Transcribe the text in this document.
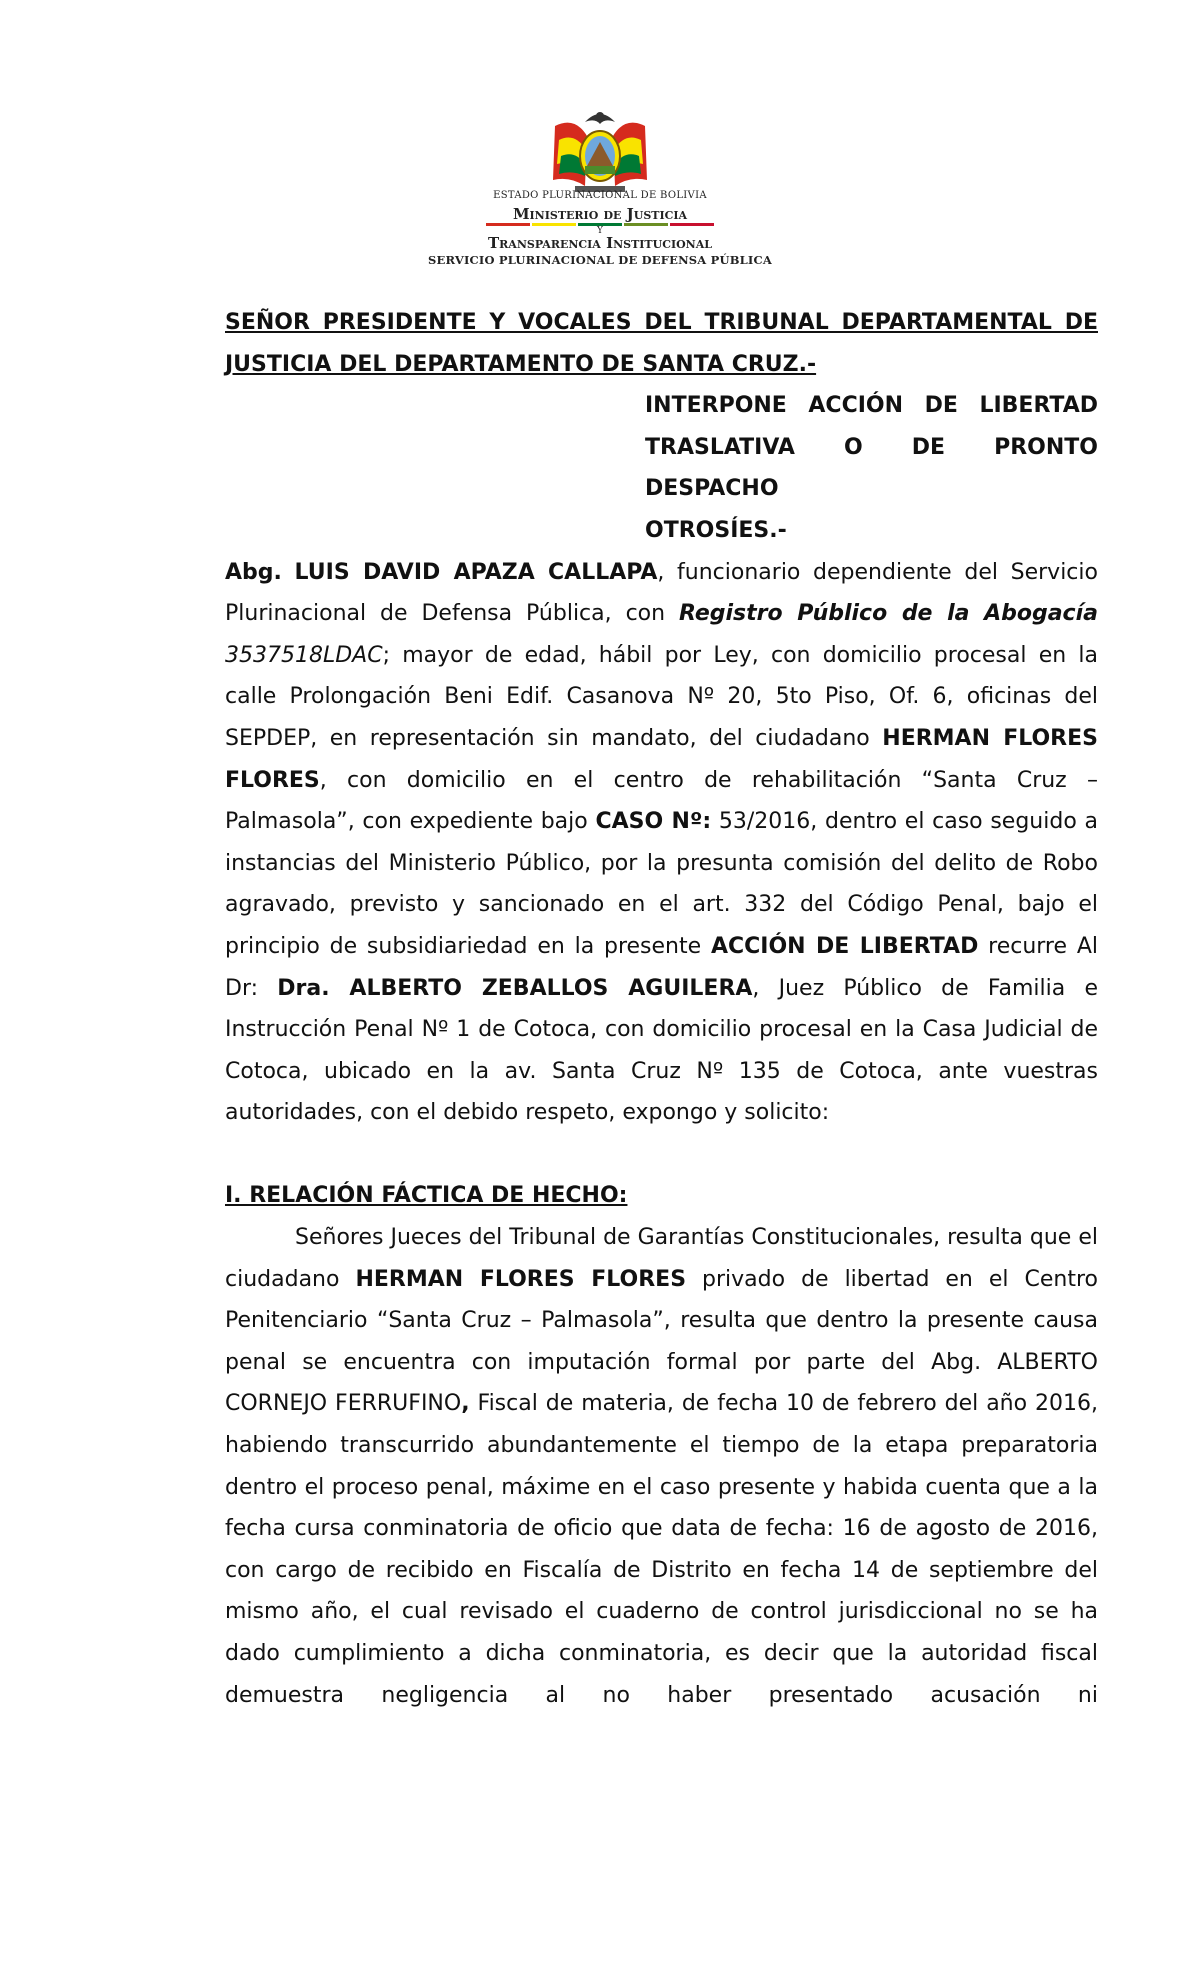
ESTADO PLURINACIONAL DE BOLIVIA
Ministerio de Justicia
Y
Transparencia Institucional
SERVICIO PLURINACIONAL DE DEFENSA PÚBLICA

SEÑOR PRESIDENTE Y VOCALES DEL TRIBUNAL DEPARTAMENTAL DE JUSTICIA DEL DEPARTAMENTO DE SANTA CRUZ.-

INTERPONE ACCIÓN DE LIBERTAD TRASLATIVA O DE PRONTO DESPACHO

OTROSÍES.-

Abg. LUIS DAVID APAZA CALLAPA, funcionario dependiente del Servicio Plurinacional de Defensa Pública, con Registro Público de la Abogacía 3537518LDAC; mayor de edad, hábil por Ley, con domicilio procesal en la calle Prolongación Beni Edif. Casanova Nº 20, 5to Piso, Of. 6, oficinas del SEPDEP, en representación sin mandato, del ciudadano HERMAN FLORES FLORES, con domicilio en el centro de rehabilitación “Santa Cruz – Palmasola”, con expediente bajo CASO Nº: 53/2016, dentro el caso seguido a instancias del Ministerio Público, por la presunta comisión del delito de Robo agravado, previsto y sancionado en el art. 332 del Código Penal, bajo el principio de subsidiariedad en la presente ACCIÓN DE LIBERTAD recurre Al Dr: Dra. ALBERTO ZEBALLOS AGUILERA, Juez Público de Familia e Instrucción Penal Nº 1 de Cotoca, con domicilio procesal en la Casa Judicial de Cotoca, ubicado en la av. Santa Cruz Nº 135 de Cotoca, ante vuestras autoridades, con el debido respeto, expongo y solicito:

I. RELACIÓN FÁCTICA DE HECHO:

Señores Jueces del Tribunal de Garantías Constitucionales, resulta que el ciudadano HERMAN FLORES FLORES privado de libertad en el Centro Penitenciario “Santa Cruz – Palmasola”, resulta que dentro la presente causa penal se encuentra con imputación formal por parte del Abg. ALBERTO CORNEJO FERRUFINO, Fiscal de materia, de fecha 10 de febrero del año 2016, habiendo transcurrido abundantemente el tiempo de la etapa preparatoria dentro el proceso penal, máxime en el caso presente y habida cuenta que a la fecha cursa conminatoria de oficio que data de fecha: 16 de agosto de 2016, con cargo de recibido en Fiscalía de Distrito en fecha 14 de septiembre del mismo año, el cual revisado el cuaderno de control jurisdiccional no se ha dado cumplimiento a dicha conminatoria, es decir que la autoridad fiscal demuestra negligencia al no haber presentado acusación ni
